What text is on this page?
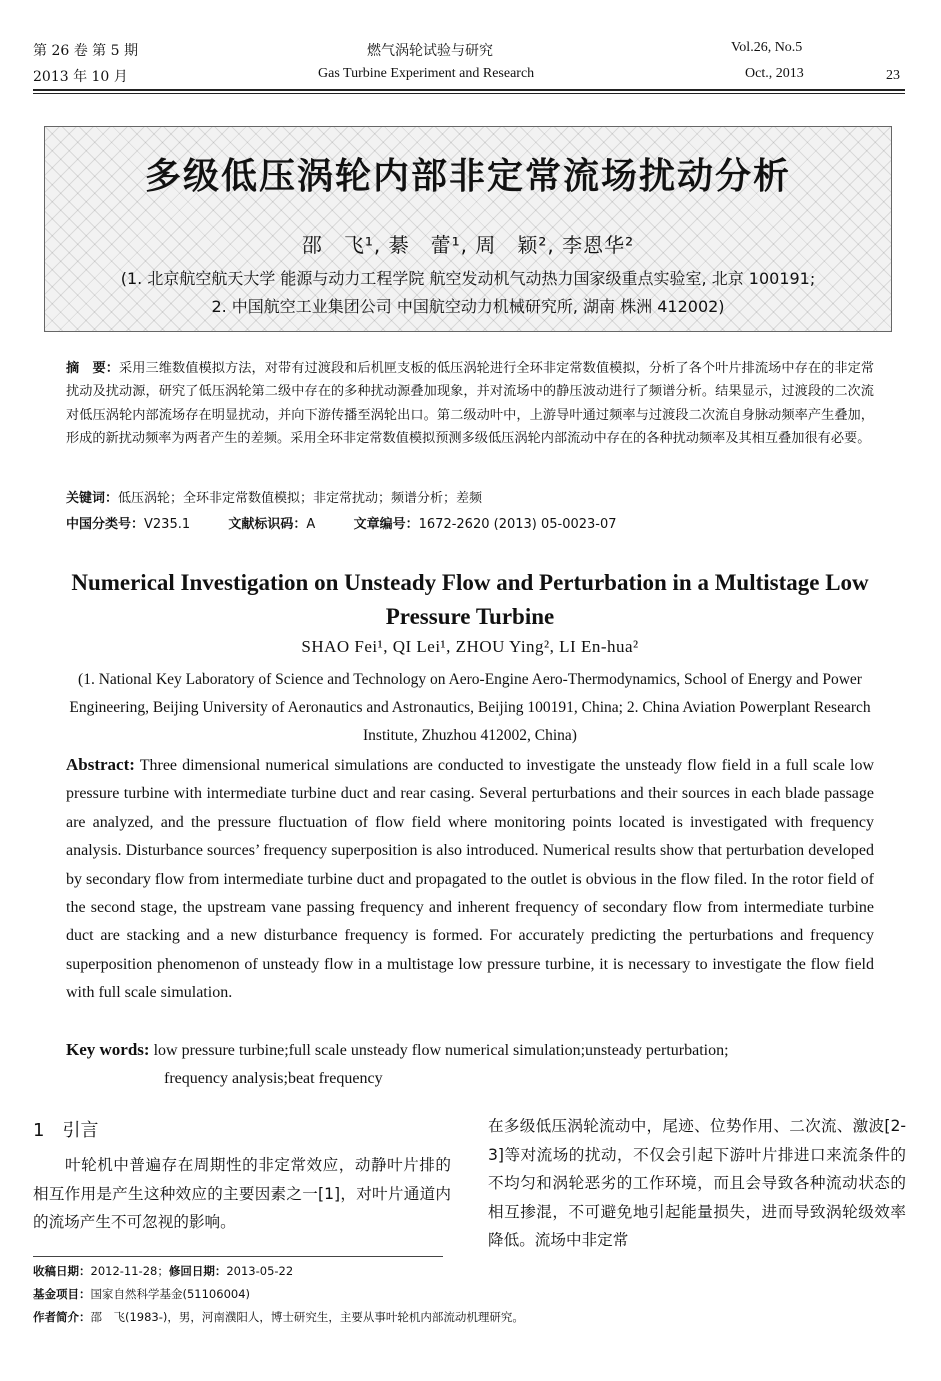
第 26 卷 第 5 期
2013 年 10 月
燃气涡轮试验与研究
Gas Turbine Experiment and Research
Vol.26, No.5
Oct., 2013	23
多级低压涡轮内部非定常流场扰动分析
邵　飞¹, 綦　蕾¹, 周　颖², 李恩华²
(1. 北京航空航天大学 能源与动力工程学院 航空发动机气动热力国家级重点实验室, 北京 100191;
2. 中国航空工业集团公司 中国航空动力机械研究所, 湖南 株洲 412002)
摘　要：采用三维数值模拟方法，对带有过渡段和后机匣支板的低压涡轮进行全环非定常数值模拟，分析了各个叶片排流场中存在的非定常扰动及扰动源，研究了低压涡轮第二级中存在的多种扰动源叠加现象，并对流场中的静压波动进行了频谱分析。结果显示，过渡段的二次流对低压涡轮内部流场存在明显扰动，并向下游传播至涡轮出口。第二级动叶中，上游导叶通过频率与过渡段二次流自身脉动频率产生叠加，形成的新扰动频率为两者产生的差频。采用全环非定常数值模拟预测多级低压涡轮内部流动中存在的各种扰动频率及其相互叠加很有必要。
关键词：低压涡轮；全环非定常数值模拟；非定常扰动；频谱分析；差频
中国分类号：V235.1	文献标识码：A	文章编号：1672-2620 (2013) 05-0023-07
Numerical Investigation on Unsteady Flow and Perturbation in a Multistage Low Pressure Turbine
SHAO Fei¹, QI Lei¹, ZHOU Ying², LI En-hua²
(1. National Key Laboratory of Science and Technology on Aero-Engine Aero-Thermodynamics, School of Energy and Power Engineering, Beijing University of Aeronautics and Astronautics, Beijing 100191, China; 2. China Aviation Powerplant Research Institute, Zhuzhou 412002, China)
Abstract: Three dimensional numerical simulations are conducted to investigate the unsteady flow field in a full scale low pressure turbine with intermediate turbine duct and rear casing. Several perturbations and their sources in each blade passage are analyzed, and the pressure fluctuation of flow field where monitoring points located is investigated with frequency analysis. Disturbance sources’ frequency superposition is also introduced. Numerical results show that perturbation developed by secondary flow from intermediate turbine duct and propagated to the outlet is obvious in the flow filed. In the rotor field of the second stage, the upstream vane passing frequency and inherent frequency of secondary flow from intermediate turbine duct are stacking and a new disturbance frequency is formed. For accurately predicting the perturbations and frequency superposition phenomenon of unsteady flow in a multistage low pressure turbine, it is necessary to investigate the flow field with full scale simulation.
Key words: low pressure turbine;full scale unsteady flow numerical simulation;unsteady perturbation;
frequency analysis;beat frequency
1　引言
叶轮机中普遍存在周期性的非定常效应，动静叶片排的相互作用是产生这种效应的主要因素之一[1]，对叶片通道内的流场产生不可忽视的影响。
在多级低压涡轮流动中，尾迹、位势作用、二次流、激波[2-3]等对流场的扰动，不仅会引起下游叶片排进口来流条件的不均匀和涡轮恶劣的工作环境，而且会导致各种流动状态的相互掺混，不可避免地引起能量损失，进而导致涡轮级效率降低。流场中非定常
收稿日期：2012-11-28；修回日期：2013-05-22
基金项目：国家自然科学基金(51106004)
作者简介：邵　飞(1983-)，男，河南濮阳人，博士研究生，主要从事叶轮机内部流动机理研究。
